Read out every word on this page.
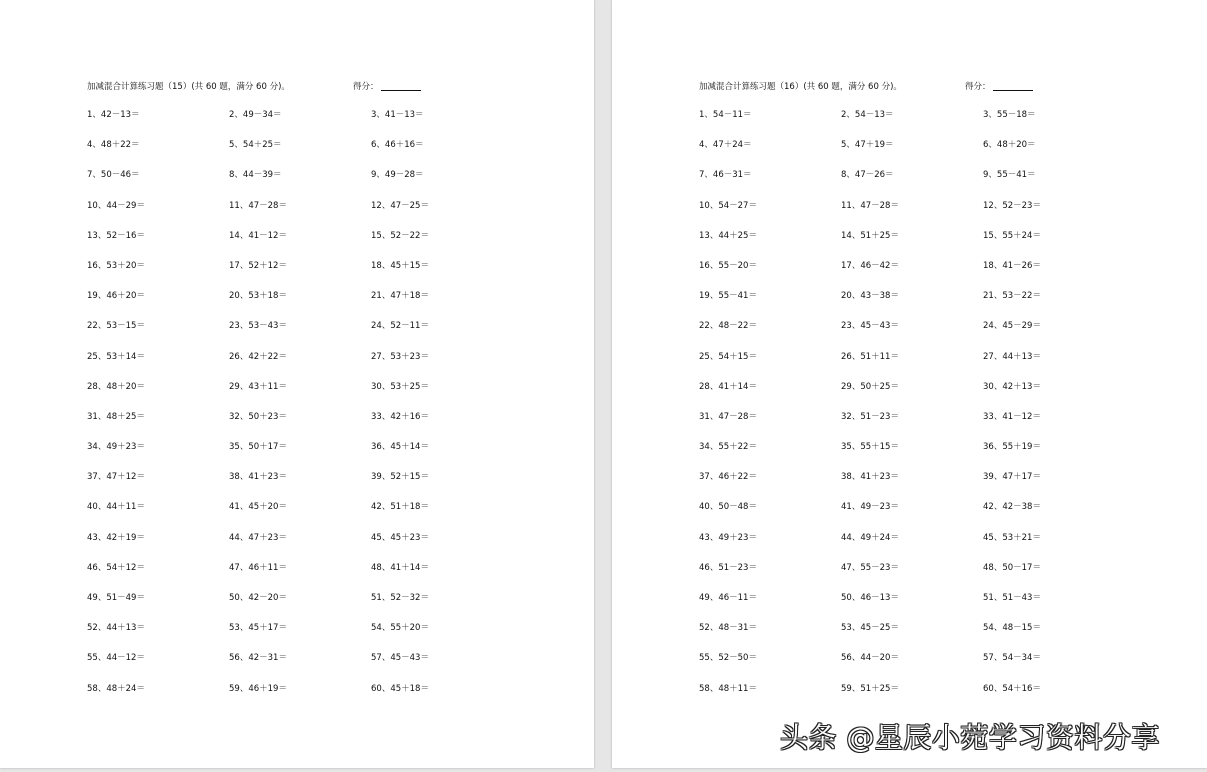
加减混合计算练习题（15）(共 60 题，满分 60 分)。	得分：
1、42－13＝	2、49－34＝	3、41－13＝
4、48＋22＝	5、54＋25＝	6、46＋16＝
7、50－46＝	8、44－39＝	9、49－28＝
10、44－29＝	11、47－28＝	12、47－25＝
13、52－16＝	14、41－12＝	15、52－22＝
16、53＋20＝	17、52＋12＝	18、45＋15＝
19、46＋20＝	20、53＋18＝	21、47＋18＝
22、53－15＝	23、53－43＝	24、52－11＝
25、53＋14＝	26、42＋22＝	27、53＋23＝
28、48＋20＝	29、43＋11＝	30、53＋25＝
31、48＋25＝	32、50＋23＝	33、42＋16＝
34、49＋23＝	35、50＋17＝	36、45＋14＝
37、47＋12＝	38、41＋23＝	39、52＋15＝
40、44＋11＝	41、45＋20＝	42、51＋18＝
43、42＋19＝	44、47＋23＝	45、45＋23＝
46、54＋12＝	47、46＋11＝	48、41＋14＝
49、51－49＝	50、42－20＝	51、52－32＝
52、44＋13＝	53、45＋17＝	54、55＋20＝
55、44－12＝	56、42－31＝	57、45－43＝
58、48＋24＝	59、46＋19＝	60、45＋18＝
加减混合计算练习题（16）(共 60 题，满分 60 分)。	得分：
1、54－11＝	2、54－13＝	3、55－18＝
4、47＋24＝	5、47＋19＝	6、48＋20＝
7、46－31＝	8、47－26＝	9、55－41＝
10、54－27＝	11、47－28＝	12、52－23＝
13、44＋25＝	14、51＋25＝	15、55＋24＝
16、55－20＝	17、46－42＝	18、41－26＝
19、55－41＝	20、43－38＝	21、53－22＝
22、48－22＝	23、45－43＝	24、45－29＝
25、54＋15＝	26、51＋11＝	27、44＋13＝
28、41＋14＝	29、50＋25＝	30、42＋13＝
31、47－28＝	32、51－23＝	33、41－12＝
34、55＋22＝	35、55＋15＝	36、55＋19＝
37、46＋22＝	38、41＋23＝	39、47＋17＝
40、50－48＝	41、49－23＝	42、42－38＝
43、49＋23＝	44、49＋24＝	45、53＋21＝
46、51－23＝	47、55－23＝	48、50－17＝
49、46－11＝	50、46－13＝	51、51－43＝
52、48－31＝	53、45－25＝	54、48－15＝
55、52－50＝	56、44－20＝	57、54－34＝
58、48＋11＝	59、51＋25＝	60、54＋16＝
头条 @星辰小菀学习资料分享
